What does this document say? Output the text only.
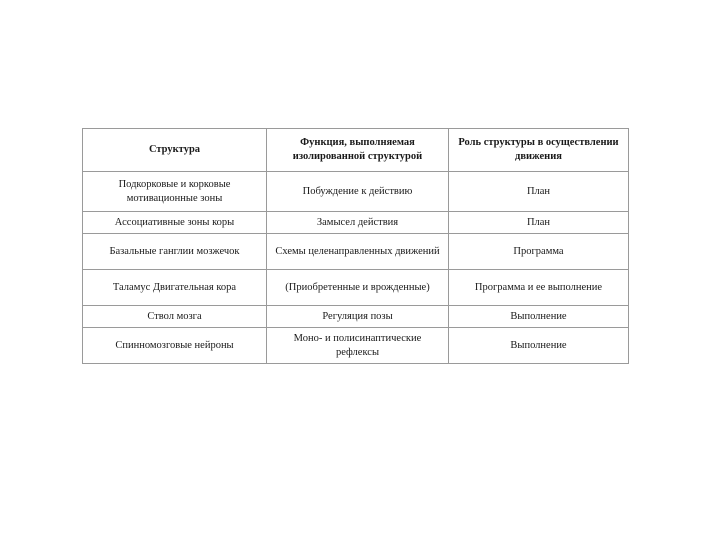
Структура	Функция, выполняемая изолированной структурой	Роль структуры в осуществлении движения
Подкорковые и корковые мотивационные зоны	Побуждение к действию	План
Ассоциативные зоны коры	Замысел действия	План
Базальные ганглии мозжечок	Схемы целенаправленных движений	Программа
Таламус Двигательная кора	(Приобретенные и врожденные)	Программа и ее выполнение
Ствол мозга	Регуляция позы	Выполнение
Спинномозговые нейроны	Моно- и полисинаптические рефлексы	Выполнение
